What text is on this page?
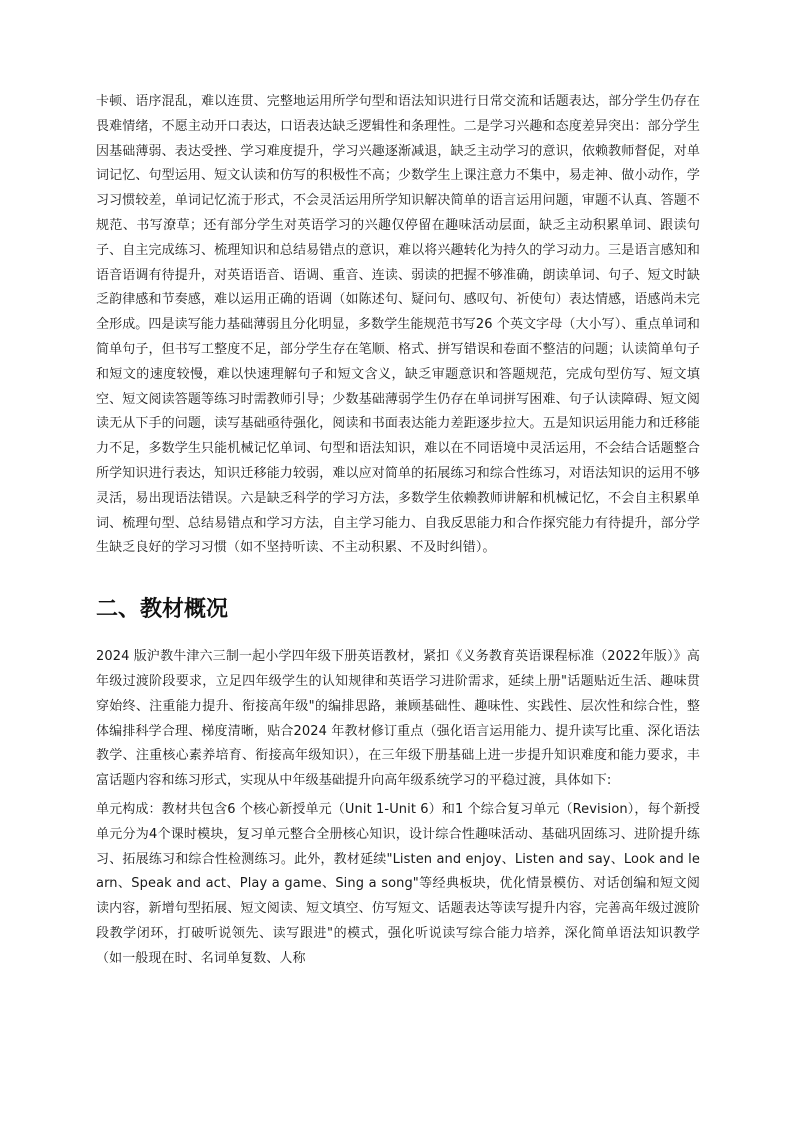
卡顿、语序混乱，难以连贯、完整地运用所学句型和语法知识进行日常交流和话题表达，部分学生仍存在畏难情绪，不愿主动开口表达，口语表达缺乏逻辑性和条理性。二是学习兴趣和态度差异突出：部分学生因基础薄弱、表达受挫、学习难度提升，学习兴趣逐渐减退，缺乏主动学习的意识，依赖教师督促，对单词记忆、句型运用、短文认读和仿写的积极性不高；少数学生上课注意力不集中，易走神、做小动作，学习习惯较差，单词记忆流于形式，不会灵活运用所学知识解决简单的语言运用问题，审题不认真、答题不规范、书写潦草；还有部分学生对英语学习的兴趣仅停留在趣味活动层面，缺乏主动积累单词、跟读句子、自主完成练习、梳理知识和总结易错点的意识，难以将兴趣转化为持久的学习动力。三是语言感知和语音语调有待提升，对英语语音、语调、重音、连读、弱读的把握不够准确，朗读单词、句子、短文时缺乏韵律感和节奏感，难以运用正确的语调（如陈述句、疑问句、感叹句、祈使句）表达情感，语感尚未完全形成。四是读写能力基础薄弱且分化明显，多数学生能规范书写26 个英文字母（大小写）、重点单词和简单句子，但书写工整度不足，部分学生存在笔顺、格式、拼写错误和卷面不整洁的问题；认读简单句子和短文的速度较慢，难以快速理解句子和短文含义，缺乏审题意识和答题规范，完成句型仿写、短文填空、短文阅读答题等练习时需教师引导；少数基础薄弱学生仍存在单词拼写困难、句子认读障碍、短文阅读无从下手的问题，读写基础亟待强化，阅读和书面表达能力差距逐步拉大。五是知识运用能力和迁移能力不足，多数学生只能机械记忆单词、句型和语法知识，难以在不同语境中灵活运用，不会结合话题整合所学知识进行表达，知识迁移能力较弱，难以应对简单的拓展练习和综合性练习，对语法知识的运用不够灵活，易出现语法错误。六是缺乏科学的学习方法，多数学生依赖教师讲解和机械记忆，不会自主积累单词、梳理句型、总结易错点和学习方法，自主学习能力、自我反思能力和合作探究能力有待提升，部分学生缺乏良好的学习习惯（如不坚持听读、不主动积累、不及时纠错）。

二、教材概况

2024 版沪教牛津六三制一起小学四年级下册英语教材，紧扣《义务教育英语课程标准（2022年版）》高年级过渡阶段要求，立足四年级学生的认知规律和英语学习进阶需求，延续上册"话题贴近生活、趣味贯穿始终、注重能力提升、衔接高年级"的编排思路，兼顾基础性、趣味性、实践性、层次性和综合性，整体编排科学合理、梯度清晰，贴合2024 年教材修订重点（强化语言运用能力、提升读写比重、深化语法教学、注重核心素养培育、衔接高年级知识），在三年级下册基础上进一步提升知识难度和能力要求，丰富话题内容和练习形式，实现从中年级基础提升向高年级系统学习的平稳过渡，具体如下:

单元构成：教材共包含6 个核心新授单元（Unit 1-Unit 6）和1 个综合复习单元（Revision），每个新授单元分为4个课时模块，复习单元整合全册核心知识，设计综合性趣味活动、基础巩固练习、进阶提升练习、拓展练习和综合性检测练习。此外，教材延续"Listen and enjoy、Listen and say、Look and learn、Speak and act、Play a game、Sing a song"等经典板块，优化情景模仿、对话创编和短文阅读内容，新增句型拓展、短文阅读、短文填空、仿写短文、话题表达等读写提升内容，完善高年级过渡阶段教学闭环，打破听说领先、读写跟进"的模式，强化听说读写综合能力培养，深化简单语法知识教学（如一般现在时、名词单复数、人称
